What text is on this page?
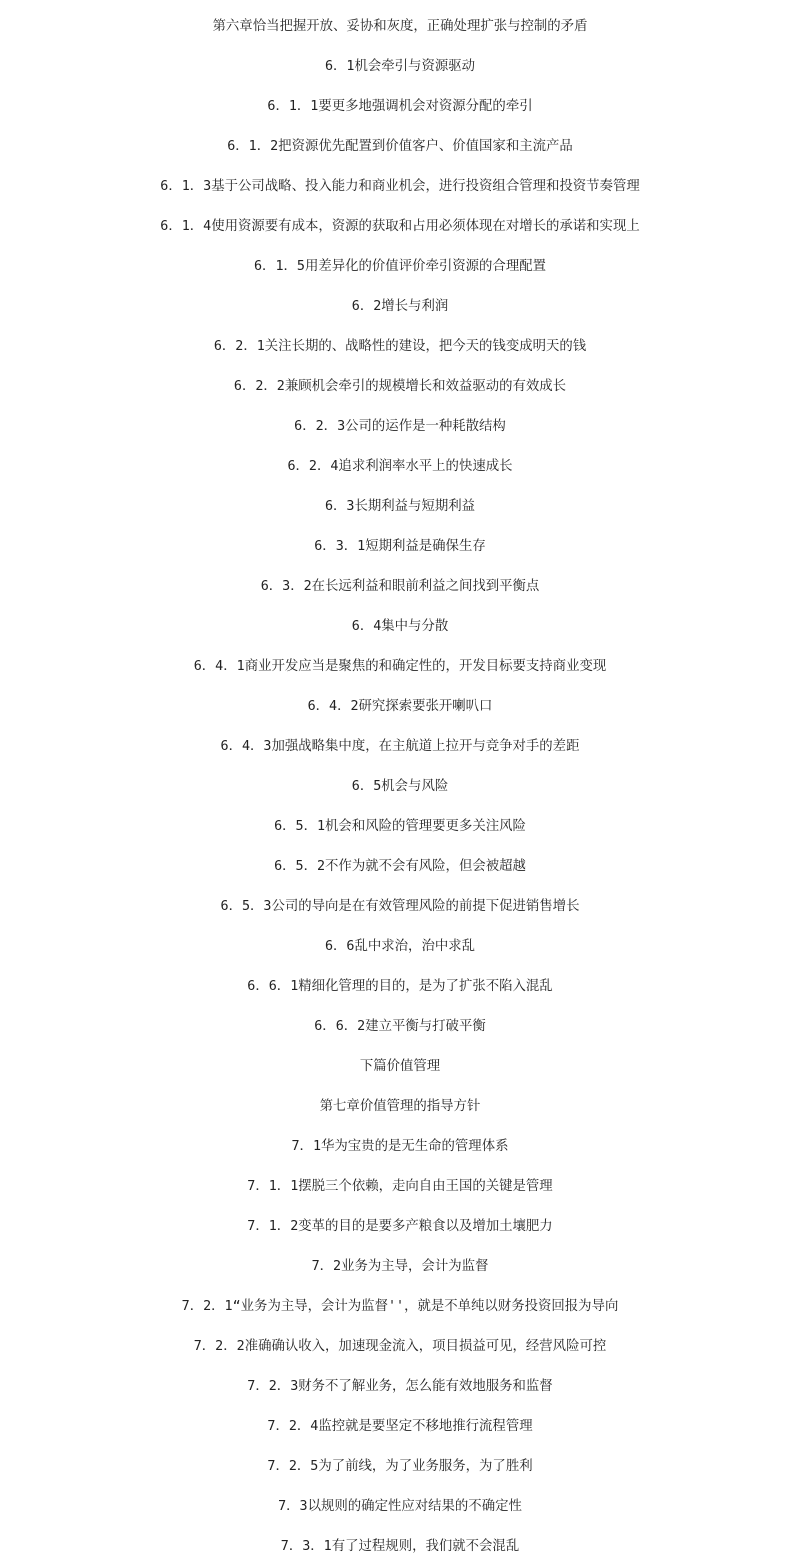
第六章恰当把握开放、妥协和灰度，正确处理扩张与控制的矛盾
6．1机会牵引与资源驱动
6．1．1要更多地强调机会对资源分配的牵引
6．1．2把资源优先配置到价值客户、价值国家和主流产品
6．1．3基于公司战略、投入能力和商业机会，进行投资组合管理和投资节奏管理
6．1．4使用资源要有成本，资源的获取和占用必须体现在对增长的承诺和实现上
6．1．5用差异化的价值评价牵引资源的合理配置
6．2增长与利润
6．2．1关注长期的、战略性的建设，把今天的钱变成明天的钱
6．2．2兼顾机会牵引的规模增长和效益驱动的有效成长
6．2．3公司的运作是一种耗散结构
6．2．4追求利润率水平上的快速成长
6．3长期利益与短期利益
6．3．1短期利益是确保生存
6．3．2在长远利益和眼前利益之间找到平衡点
6．4集中与分散
6．4．1商业开发应当是聚焦的和确定性的，开发目标要支持商业变现
6．4．2研究探索要张开喇叭口
6．4．3加强战略集中度，在主航道上拉开与竞争对手的差距
6．5机会与风险
6．5．1机会和风险的管理要更多关注风险
6．5．2不作为就不会有风险，但会被超越
6．5．3公司的导向是在有效管理风险的前提下促进销售增长
6．6乱中求治，治中求乱
6．6．1精细化管理的目的，是为了扩张不陷入混乱
6．6．2建立平衡与打破平衡
下篇价值管理
第七章价值管理的指导方针
7．1华为宝贵的是无生命的管理体系
7．1．1摆脱三个依赖，走向自由王国的关键是管理
7．1．2变革的目的是要多产粮食以及增加土壤肥力
7．2业务为主导，会计为监督
7．2．1“业务为主导，会计为监督''，就是不单纯以财务投资回报为导向
7．2．2准确确认收入，加速现金流入，项目损益可见，经营风险可控
7．2．3财务不了解业务，怎么能有效地服务和监督
7．2．4监控就是要坚定不移地推行流程管理
7．2．5为了前线，为了业务服务，为了胜利
7．3以规则的确定性应对结果的不确定性
7．3．1有了过程规则，我们就不会混乱
